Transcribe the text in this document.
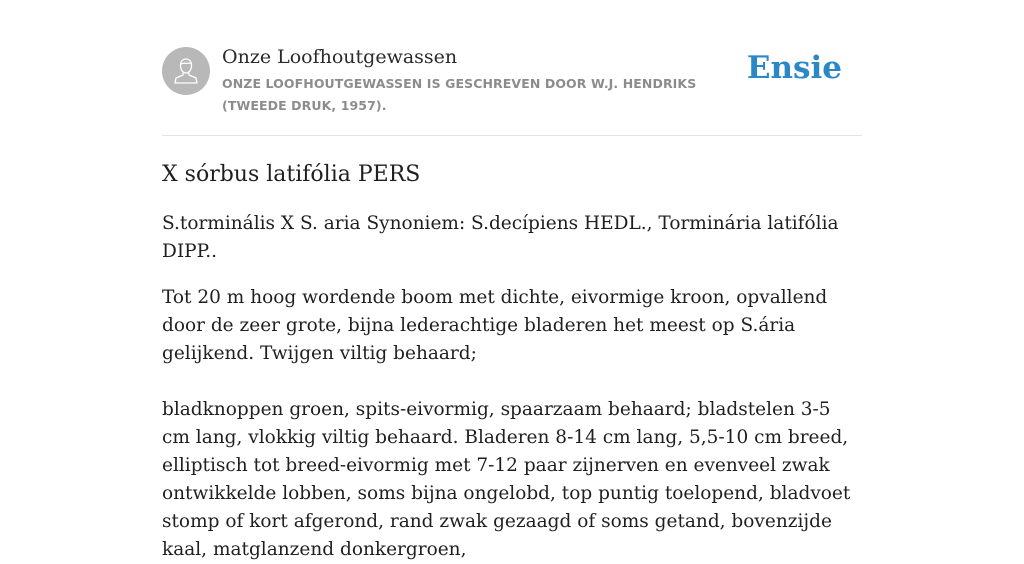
Onze Loofhoutgewassen
ONZE LOOFHOUTGEWASSEN IS GESCHREVEN DOOR W.J. HENDRIKS (TWEEDE DRUK, 1957).
Ensie
X sórbus latifólia PERS

S.torminális X S. aria Synoniem: S.decípiens HEDL., Torminária latifólia DIPP..

Tot 20 m hoog wordende boom met dichte, eivormige kroon, opvallend door de zeer grote, bijna lederachtige bladeren het meest op S.ária gelijkend. Twijgen viltig behaard;

bladknoppen groen, spits-eivormig, spaarzaam behaard; bladstelen 3-5 cm lang, vlokkig viltig behaard. Bladeren 8-14 cm lang, 5,5-10 cm breed, elliptisch tot breed-eivormig met 7-12 paar zijnerven en evenveel zwak ontwikkelde lobben, soms bijna ongelobd, top puntig toelopend, bladvoet stomp of kort afgerond, rand zwak gezaagd of soms getand, bovenzijde kaal, matglanzend donkergroen,
